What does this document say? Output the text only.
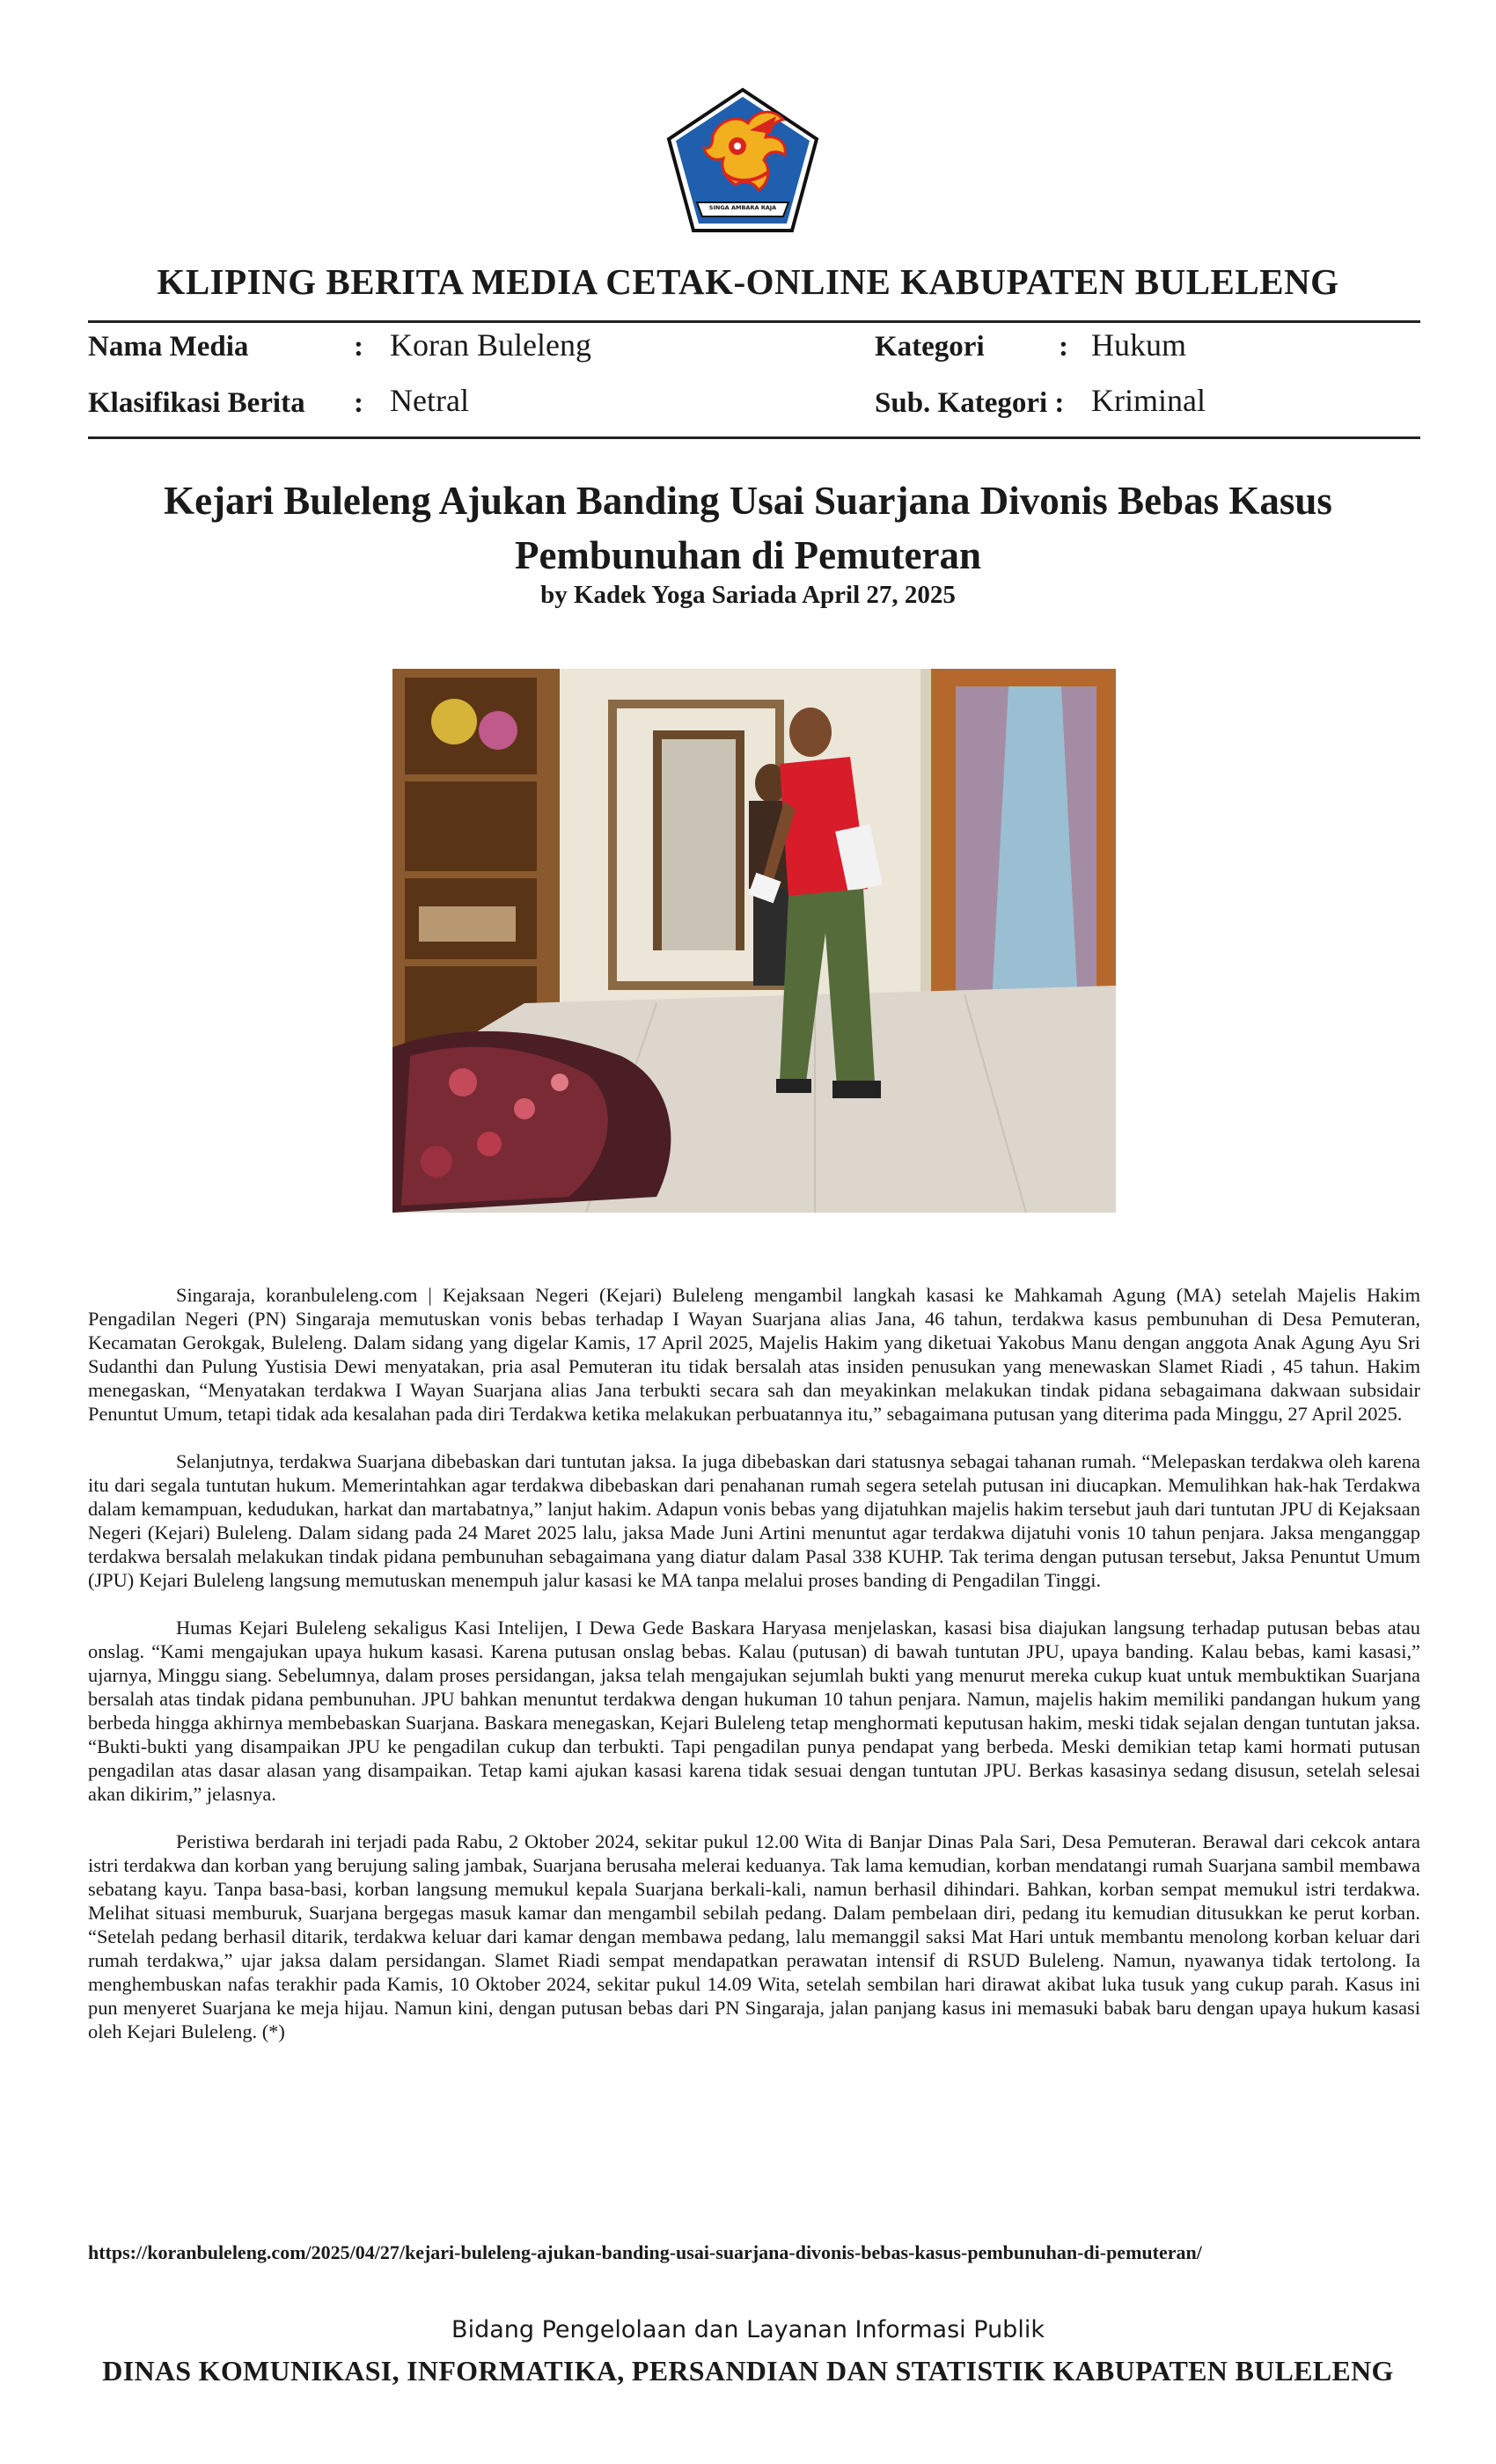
SINGA AMBARA RAJA
KLIPING BERITA MEDIA CETAK-ONLINE KABUPATEN BULELENG
Nama Media	: Koran Buleleng	Kategori	: Hukum
Klasifikasi Berita : Netral	Sub. Kategori : Kriminal
Kejari Buleleng Ajukan Banding Usai Suarjana Divonis Bebas Kasus Pembunuhan di Pemuteran
by Kadek Yoga Sariada April 27, 2025

Singaraja, koranbuleleng.com | Kejaksaan Negeri (Kejari) Buleleng mengambil langkah kasasi ke Mahkamah Agung (MA) setelah Majelis Hakim Pengadilan Negeri (PN) Singaraja memutuskan vonis bebas terhadap I Wayan Suarjana alias Jana, 46 tahun, terdakwa kasus pembunuhan di Desa Pemuteran, Kecamatan Gerokgak, Buleleng. Dalam sidang yang digelar Kamis, 17 April 2025, Majelis Hakim yang diketuai Yakobus Manu dengan anggota Anak Agung Ayu Sri Sudanthi dan Pulung Yustisia Dewi menyatakan, pria asal Pemuteran itu tidak bersalah atas insiden penusukan yang menewaskan Slamet Riadi , 45 tahun. Hakim menegaskan, “Menyatakan terdakwa I Wayan Suarjana alias Jana terbukti secara sah dan meyakinkan melakukan tindak pidana sebagaimana dakwaan subsidair Penuntut Umum, tetapi tidak ada kesalahan pada diri Terdakwa ketika melakukan perbuatannya itu,” sebagaimana putusan yang diterima pada Minggu, 27 April 2025.

Selanjutnya, terdakwa Suarjana dibebaskan dari tuntutan jaksa. Ia juga dibebaskan dari statusnya sebagai tahanan rumah. “Melepaskan terdakwa oleh karena itu dari segala tuntutan hukum. Memerintahkan agar terdakwa dibebaskan dari penahanan rumah segera setelah putusan ini diucapkan. Memulihkan hak-hak Terdakwa dalam kemampuan, kedudukan, harkat dan martabatnya,” lanjut hakim. Adapun vonis bebas yang dijatuhkan majelis hakim tersebut jauh dari tuntutan JPU di Kejaksaan Negeri (Kejari) Buleleng. Dalam sidang pada 24 Maret 2025 lalu, jaksa Made Juni Artini menuntut agar terdakwa dijatuhi vonis 10 tahun penjara. Jaksa menganggap terdakwa bersalah melakukan tindak pidana pembunuhan sebagaimana yang diatur dalam Pasal 338 KUHP. Tak terima dengan putusan tersebut, Jaksa Penuntut Umum (JPU) Kejari Buleleng langsung memutuskan menempuh jalur kasasi ke MA tanpa melalui proses banding di Pengadilan Tinggi.

Humas Kejari Buleleng sekaligus Kasi Intelijen, I Dewa Gede Baskara Haryasa menjelaskan, kasasi bisa diajukan langsung terhadap putusan bebas atau onslag. “Kami mengajukan upaya hukum kasasi. Karena putusan onslag bebas. Kalau (putusan) di bawah tuntutan JPU, upaya banding. Kalau bebas, kami kasasi,” ujarnya, Minggu siang. Sebelumnya, dalam proses persidangan, jaksa telah mengajukan sejumlah bukti yang menurut mereka cukup kuat untuk membuktikan Suarjana bersalah atas tindak pidana pembunuhan. JPU bahkan menuntut terdakwa dengan hukuman 10 tahun penjara. Namun, majelis hakim memiliki pandangan hukum yang berbeda hingga akhirnya membebaskan Suarjana. Baskara menegaskan, Kejari Buleleng tetap menghormati keputusan hakim, meski tidak sejalan dengan tuntutan jaksa. “Bukti-bukti yang disampaikan JPU ke pengadilan cukup dan terbukti. Tapi pengadilan punya pendapat yang berbeda. Meski demikian tetap kami hormati putusan pengadilan atas dasar alasan yang disampaikan. Tetap kami ajukan kasasi karena tidak sesuai dengan tuntutan JPU. Berkas kasasinya sedang disusun, setelah selesai akan dikirim,” jelasnya.

Peristiwa berdarah ini terjadi pada Rabu, 2 Oktober 2024, sekitar pukul 12.00 Wita di Banjar Dinas Pala Sari, Desa Pemuteran. Berawal dari cekcok antara istri terdakwa dan korban yang berujung saling jambak, Suarjana berusaha melerai keduanya. Tak lama kemudian, korban mendatangi rumah Suarjana sambil membawa sebatang kayu. Tanpa basa-basi, korban langsung memukul kepala Suarjana berkali-kali, namun berhasil dihindari. Bahkan, korban sempat memukul istri terdakwa. Melihat situasi memburuk, Suarjana bergegas masuk kamar dan mengambil sebilah pedang. Dalam pembelaan diri, pedang itu kemudian ditusukkan ke perut korban. “Setelah pedang berhasil ditarik, terdakwa keluar dari kamar dengan membawa pedang, lalu memanggil saksi Mat Hari untuk membantu menolong korban keluar dari rumah terdakwa,” ujar jaksa dalam persidangan. Slamet Riadi sempat mendapatkan perawatan intensif di RSUD Buleleng. Namun, nyawanya tidak tertolong. Ia menghembuskan nafas terakhir pada Kamis, 10 Oktober 2024, sekitar pukul 14.09 Wita, setelah sembilan hari dirawat akibat luka tusuk yang cukup parah. Kasus ini pun menyeret Suarjana ke meja hijau. Namun kini, dengan putusan bebas dari PN Singaraja, jalan panjang kasus ini memasuki babak baru dengan upaya hukum kasasi oleh Kejari Buleleng. (*)

https://koranbuleleng.com/2025/04/27/kejari-buleleng-ajukan-banding-usai-suarjana-divonis-bebas-kasus-pembunuhan-di-pemuteran/
Bidang Pengelolaan dan Layanan Informasi Publik
DINAS KOMUNIKASI, INFORMATIKA, PERSANDIAN DAN STATISTIK KABUPATEN BULELENG
